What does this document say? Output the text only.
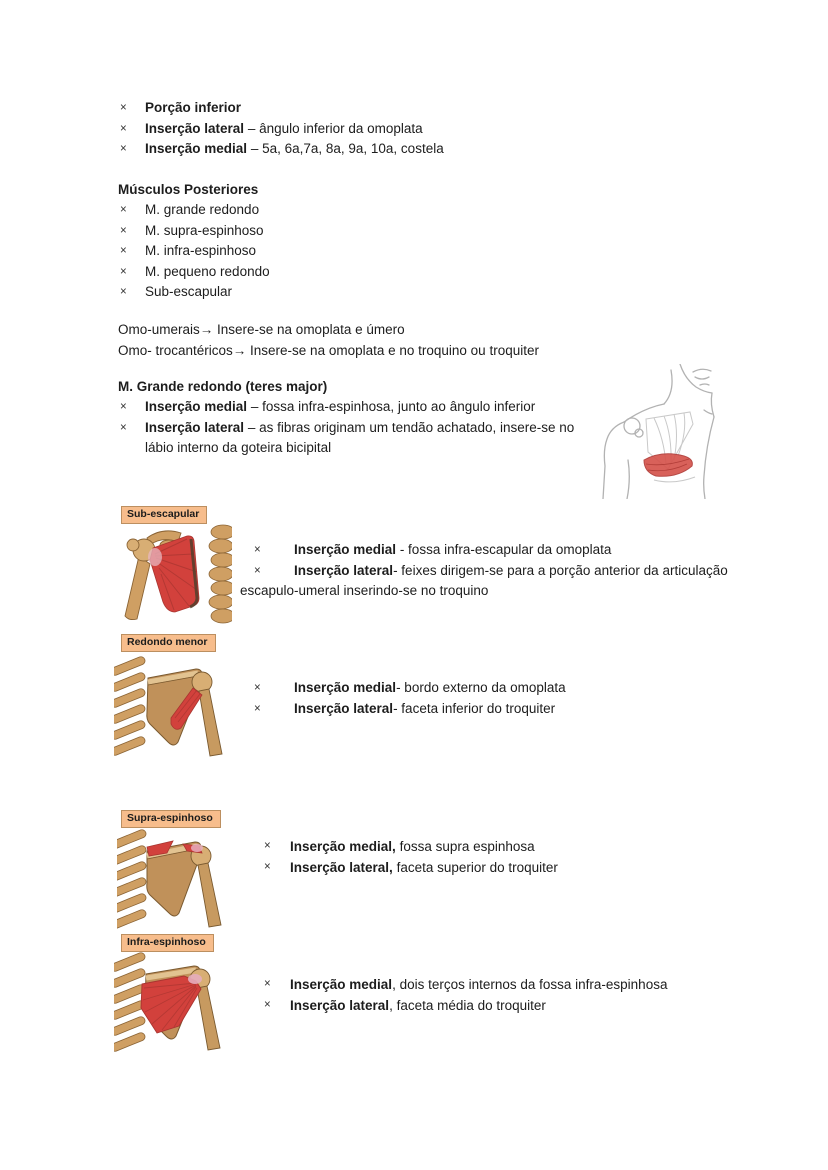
×	Porção inferior
×	Inserção lateral – ângulo inferior da omoplata
×	Inserção medial – 5a, 6a,7a, 8a, 9a, 10a, costela
Músculos Posteriores
×	M. grande redondo
×	M. supra-espinhoso
×	M. infra-espinhoso
×	M. pequeno redondo
×	Sub-escapular
Omo-umerais→ Insere-se na omoplata e úmero
Omo- trocantéricos→ Insere-se na omoplata e no troquino ou troquiter
M. Grande redondo (teres major)
×	Inserção medial – fossa infra-espinhosa, junto ao ângulo inferior
×	Inserção lateral – as fibras originam um tendão achatado, insere-se no lábio interno da goteira bicipital
Sub-escapular
×	Inserção medial - fossa infra-escapular da omoplata
×	Inserção lateral- feixes dirigem-se para a porção anterior da articulação
escapulo-umeral inserindo-se no troquino
Redondo menor
×	Inserção medial- bordo externo da omoplata
×	Inserção lateral- faceta inferior do troquiter
Supra-espinhoso
×	Inserção medial, fossa supra espinhosa
×	Inserção lateral, faceta superior do troquiter
Infra-espinhoso
×	Inserção medial, dois terços internos da fossa infra-espinhosa
×	Inserção lateral, faceta média do troquiter
